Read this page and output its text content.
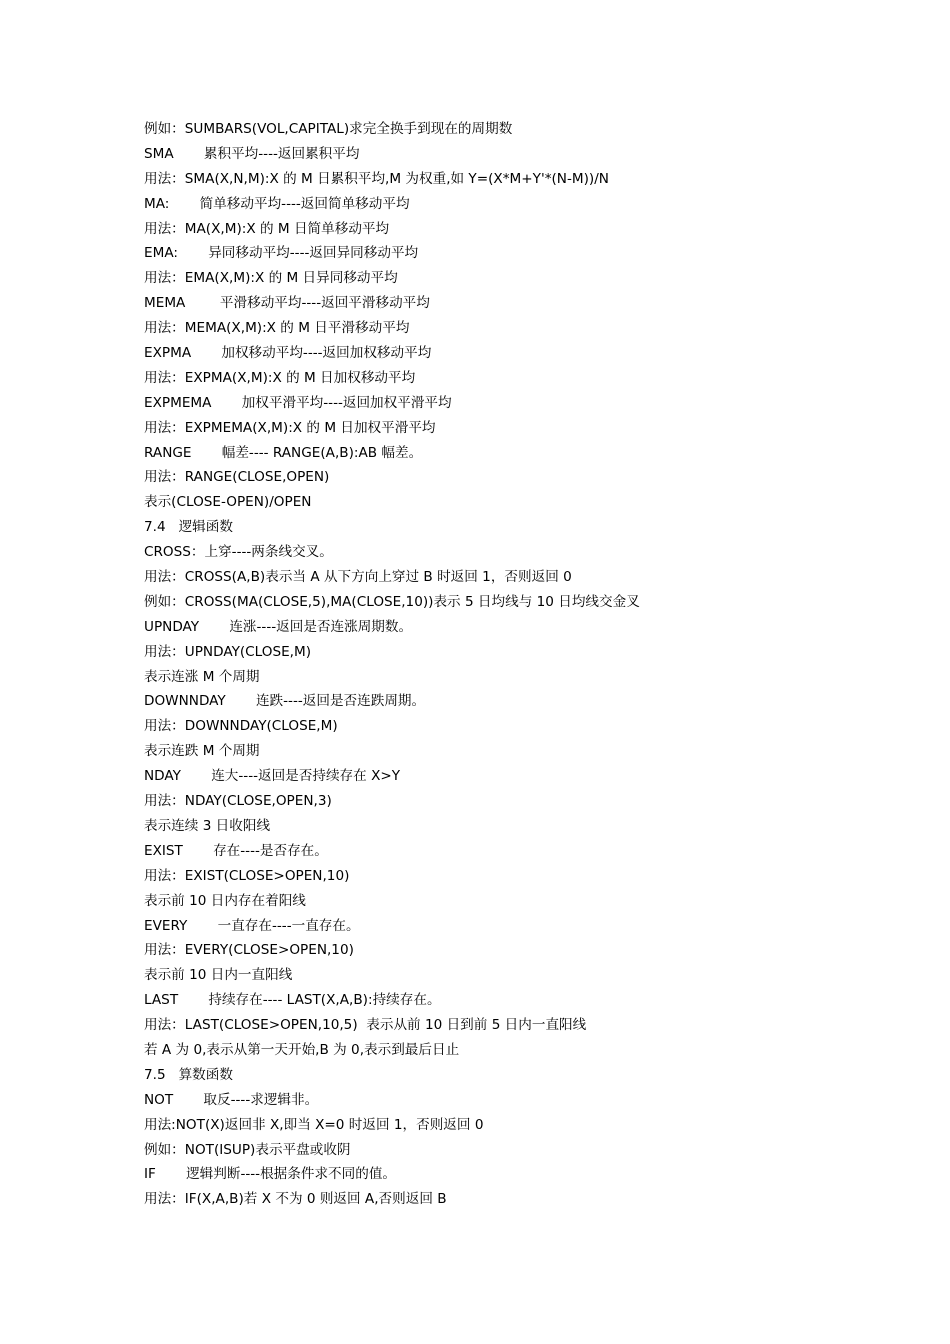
例如：SUMBARS(VOL,CAPITAL)求完全换手到现在的周期数
SMA       累积平均----返回累积平均
用法：SMA(X,N,M):X 的 M 日累积平均,M 为权重,如 Y=(X*M+Y'*(N-M))/N
MA:       简单移动平均----返回简单移动平均
用法：MA(X,M):X 的 M 日简单移动平均
EMA:       异同移动平均----返回异同移动平均
用法：EMA(X,M):X 的 M 日异同移动平均
MEMA        平滑移动平均----返回平滑移动平均
用法：MEMA(X,M):X 的 M 日平滑移动平均
EXPMA       加权移动平均----返回加权移动平均
用法：EXPMA(X,M):X 的 M 日加权移动平均
EXPMEMA       加权平滑平均----返回加权平滑平均
用法：EXPMEMA(X,M):X 的 M 日加权平滑平均
RANGE       幅差---- RANGE(A,B):AB 幅差。
用法：RANGE(CLOSE,OPEN)
表示(CLOSE-OPEN)/OPEN
7.4   逻辑函数
CROSS：上穿----两条线交叉。
用法：CROSS(A,B)表示当 A 从下方向上穿过 B 时返回 1，否则返回 0
例如：CROSS(MA(CLOSE,5),MA(CLOSE,10))表示 5 日均线与 10 日均线交金叉
UPNDAY       连涨----返回是否连涨周期数。
用法：UPNDAY(CLOSE,M)
表示连涨 M 个周期
DOWNNDAY       连跌----返回是否连跌周期。
用法：DOWNNDAY(CLOSE,M)
表示连跌 M 个周期
NDAY       连大----返回是否持续存在 X>Y
用法：NDAY(CLOSE,OPEN,3)
表示连续 3 日收阳线
EXIST       存在----是否存在。
用法：EXIST(CLOSE>OPEN,10)
表示前 10 日内存在着阳线
EVERY       一直存在----一直存在。
用法：EVERY(CLOSE>OPEN,10)
表示前 10 日内一直阳线
LAST       持续存在---- LAST(X,A,B):持续存在。
用法：LAST(CLOSE>OPEN,10,5)  表示从前 10 日到前 5 日内一直阳线
若 A 为 0,表示从第一天开始,B 为 0,表示到最后日止
7.5   算数函数
NOT       取反----求逻辑非。
用法:NOT(X)返回非 X,即当 X=0 时返回 1，否则返回 0
例如：NOT(ISUP)表示平盘或收阴
IF       逻辑判断----根据条件求不同的值。
用法：IF(X,A,B)若 X 不为 0 则返回 A,否则返回 B
